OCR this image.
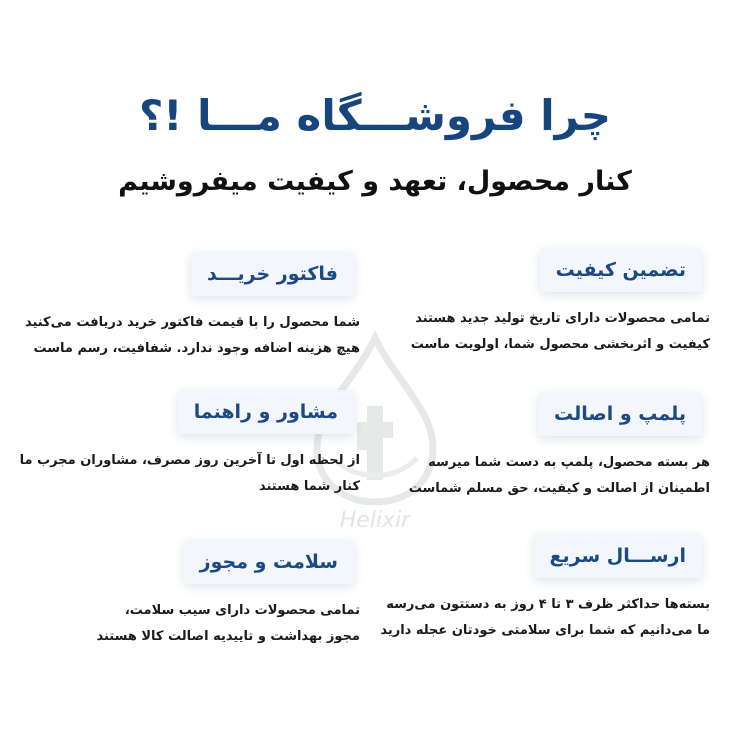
چرا فروشـــگاه مـــا !؟
کنار محصول، تعهد و کیفیت میفروشیم
Helixir
تضمین کیفیت
تمامی محصولات دارای تاریخ تولید جدید هستند
کیفیت و اثربخشی محصول شما، اولویت ماست
پلمپ و اصالت
هر بسته محصول، پلمپ به دست شما میرسه
اطمینان از اصالت و کیفیت، حق مسلم شماست
ارســـال سریع
بسته‌ها حداکثر ظرف ۳ تا ۴ روز به دستتون می‌رسه
ما می‌دانیم که شما برای سلامتی خودتان عجله دارید
فاکتور خریـــد
شما محصول را با قیمت فاکتور خرید دریافت می‌کنید
هیچ هزینه اضافه وجود ندارد. شفافیت، رسم ماست
مشاور و راهنما
از لحظه اول تا آخرین روز مصرف، مشاوران مجرب ما
کنار شما هستند
سلامت و مجوز
تمامی محصولات دارای سیب سلامت،
مجوز بهداشت و تاییدیه اصالت کالا هستند
